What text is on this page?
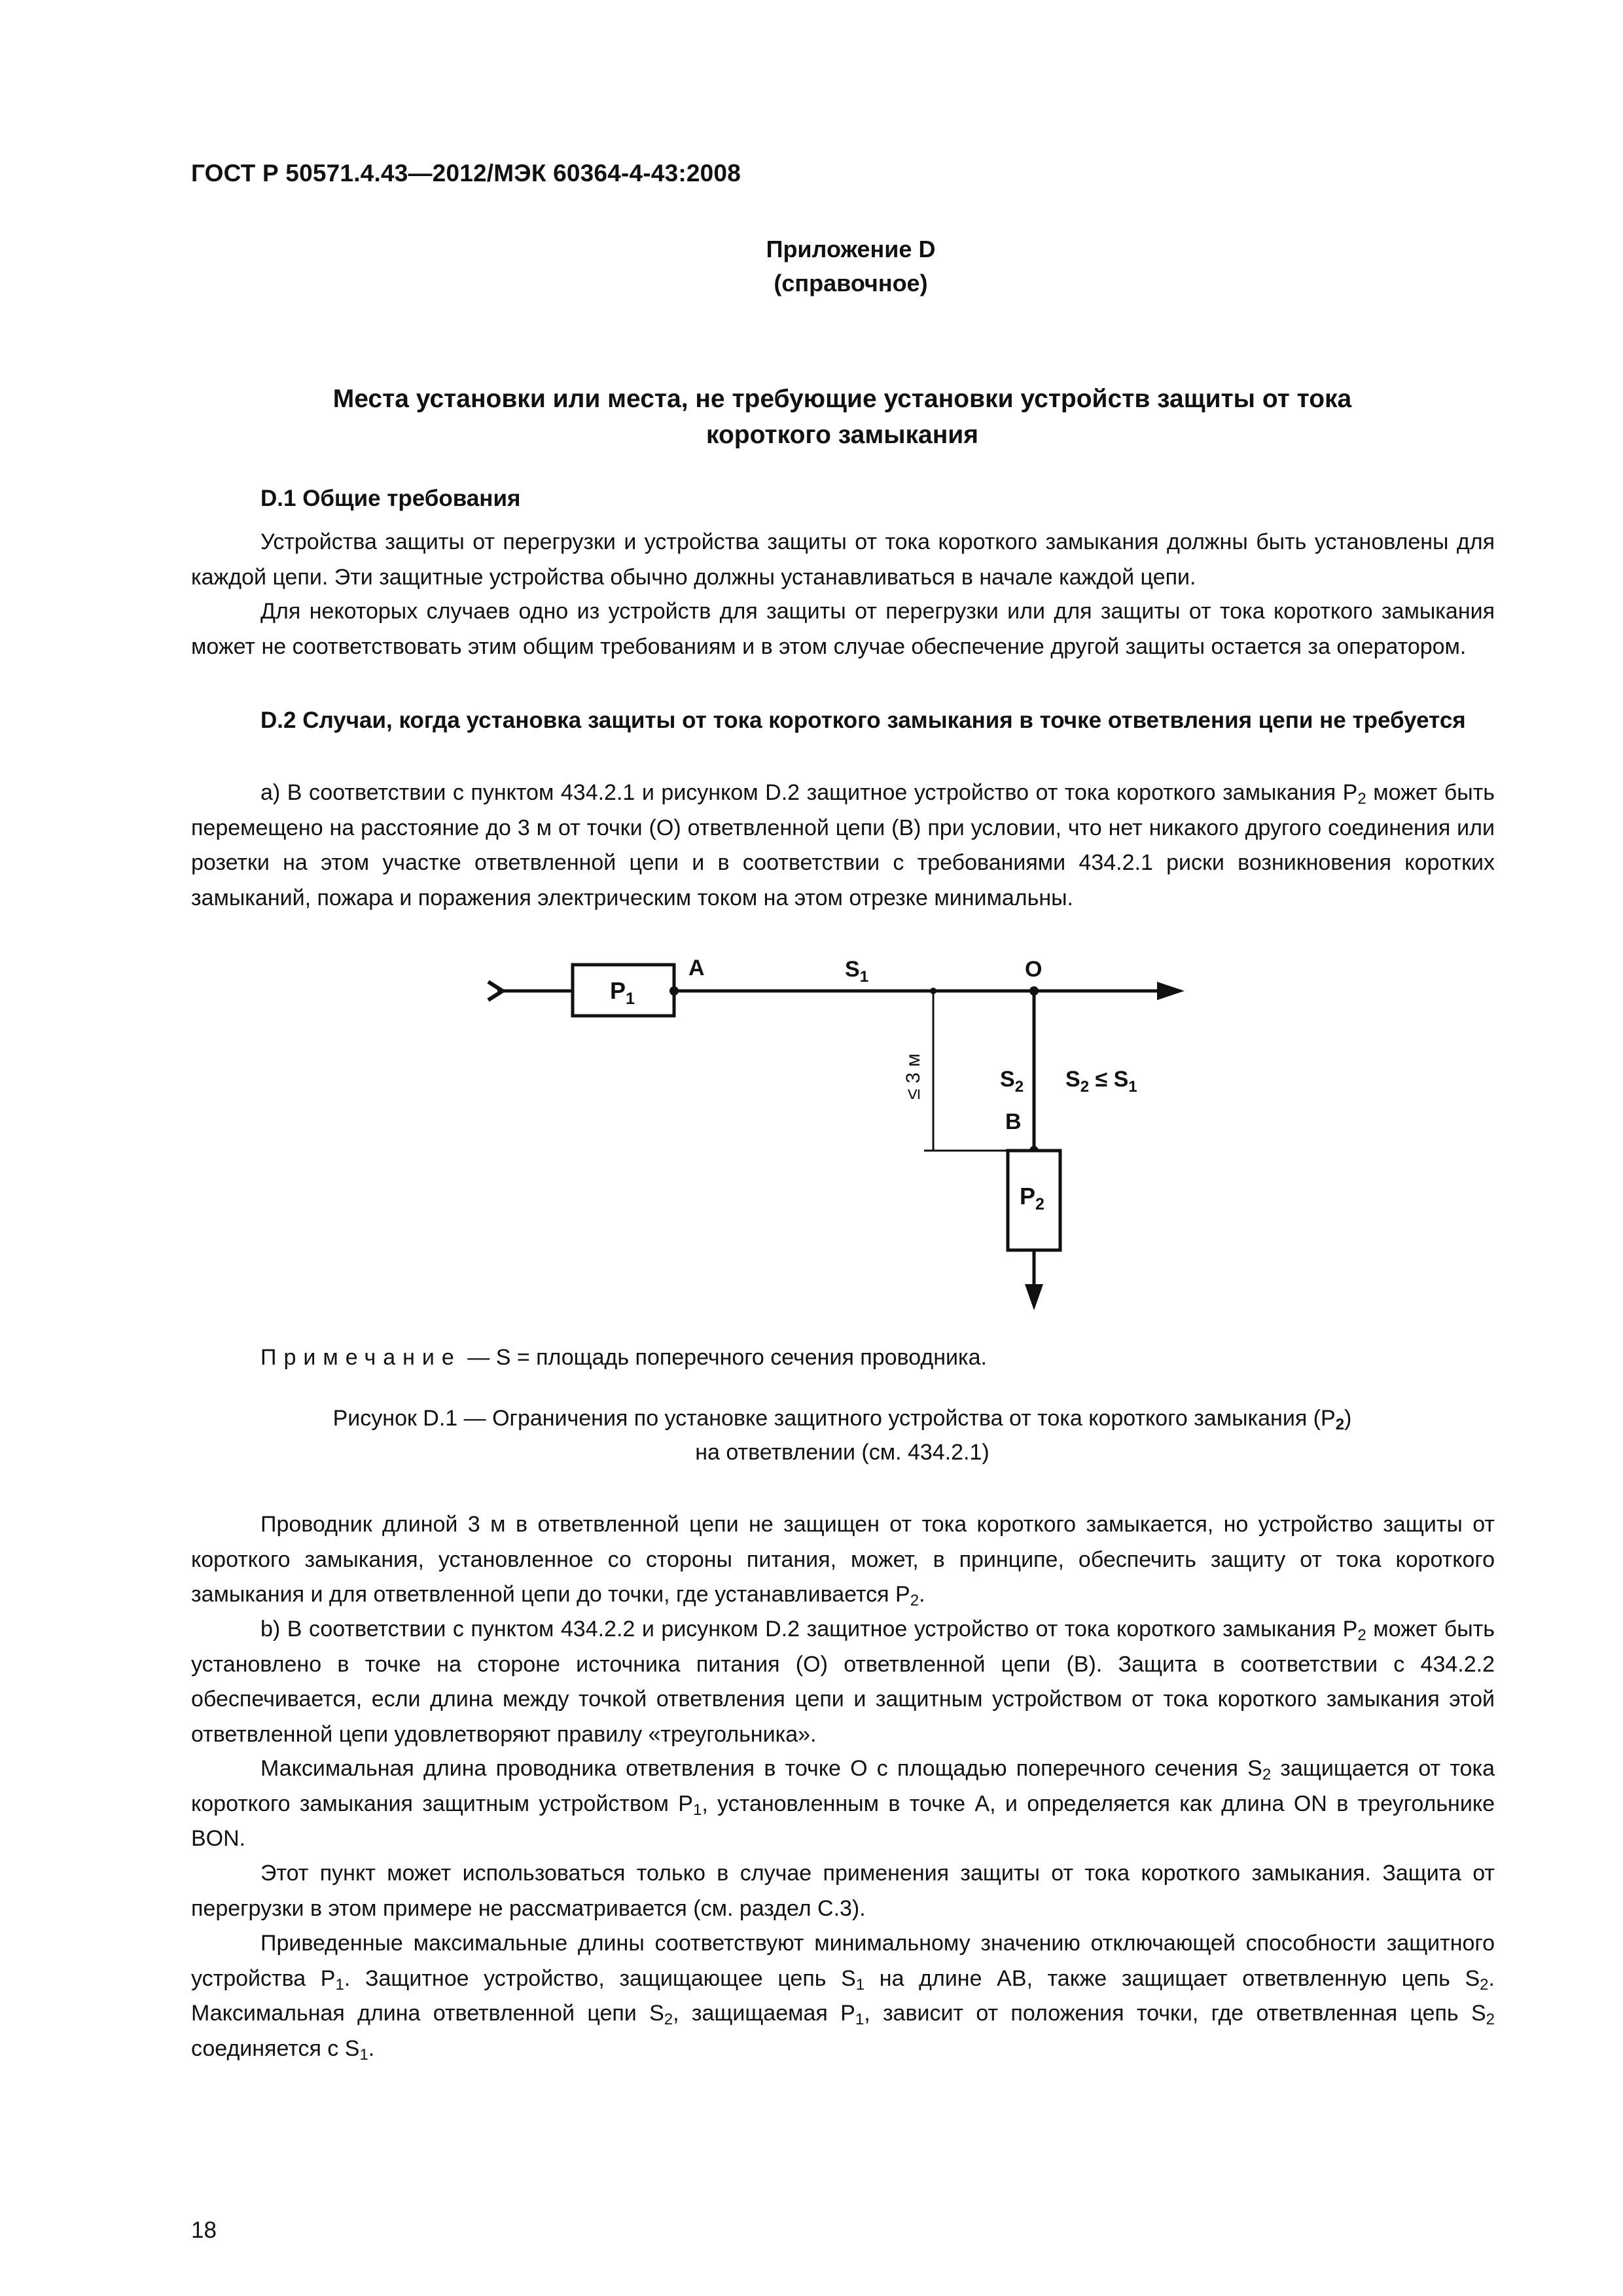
ГОСТ Р 50571.4.43—2012/МЭК 60364-4-43:2008
Приложение D
(справочное)
Места установки или места, не требующие установки устройств защиты от тока
короткого замыкания
D.1 Общие требования

Устройства защиты от перегрузки и устройства защиты от тока короткого замыкания должны быть установлены для каждой цепи. Эти защитные устройства обычно должны устанавливаться в начале каждой цепи.

Для некоторых случаев одно из устройств для защиты от перегрузки или для защиты от тока короткого замыкания может не соответствовать этим общим требованиям и в этом случае обеспечение другой защиты остается за оператором.

D.2 Случаи, когда установка защиты от тока короткого замыкания в точке ответвления цепи не требуется

а) В соответствии с пунктом 434.2.1 и рисунком D.2 защитное устройство от тока короткого замыкания $P_2$ может быть перемещено на расстояние до 3 м от точки (O) ответвленной цепи (B) при условии, что нет никакого другого соединения или розетки на этом участке ответвленной цепи и в соответствии с требованиями 434.2.1 риски возникновения коротких замыканий, пожара и поражения электрическим током на этом отрезке минимальны.

$P_1$
A	$S_1$	O
$S_2$ $S_2 \le S_1$
B
≤ 3 м
$P_2$
Примечание — S = площадь поперечного сечения проводника.
Рисунок D.1 — Ограничения по установке защитного устройства от тока короткого замыкания $(P_2)$
на ответвлении (см. 434.2.1)

Проводник длиной 3 м в ответвленной цепи не защищен от тока короткого замыкается, но устройство защиты от короткого замыкания, установленное со стороны питания, может, в принципе, обеспечить защиту от тока короткого замыкания и для ответвленной цепи до точки, где устанавливается $P_2$.

b) В соответствии с пунктом 434.2.2 и рисунком D.2 защитное устройство от тока короткого замыкания $P_2$ может быть установлено в точке на стороне источника питания (O) ответвленной цепи (B). Защита в соответствии с 434.2.2 обеспечивается, если длина между точкой ответвления цепи и защитным устройством от тока короткого замыкания этой ответвленной цепи удовлетворяют правилу «треугольника».

Максимальная длина проводника ответвления в точке O с площадью поперечного сечения $S_2$ защищается от тока короткого замыкания защитным устройством $P_1$, установленным в точке A, и определяется как длина ON в треугольнике BON.

Этот пункт может использоваться только в случае применения защиты от тока короткого замыкания. Защита от перегрузки в этом примере не рассматривается (см. раздел C.3).

Приведенные максимальные длины соответствуют минимальному значению отключающей способности защитного устройства $P_1$. Защитное устройство, защищающее цепь $S_1$ на длине AB, также защищает ответвленную цепь $S_2$. Максимальная длина ответвленной цепи $S_2$, защищаемая $P_1$, зависит от положения точки, где ответвленная цепь $S_2$ соединяется с $S_1$.

18
